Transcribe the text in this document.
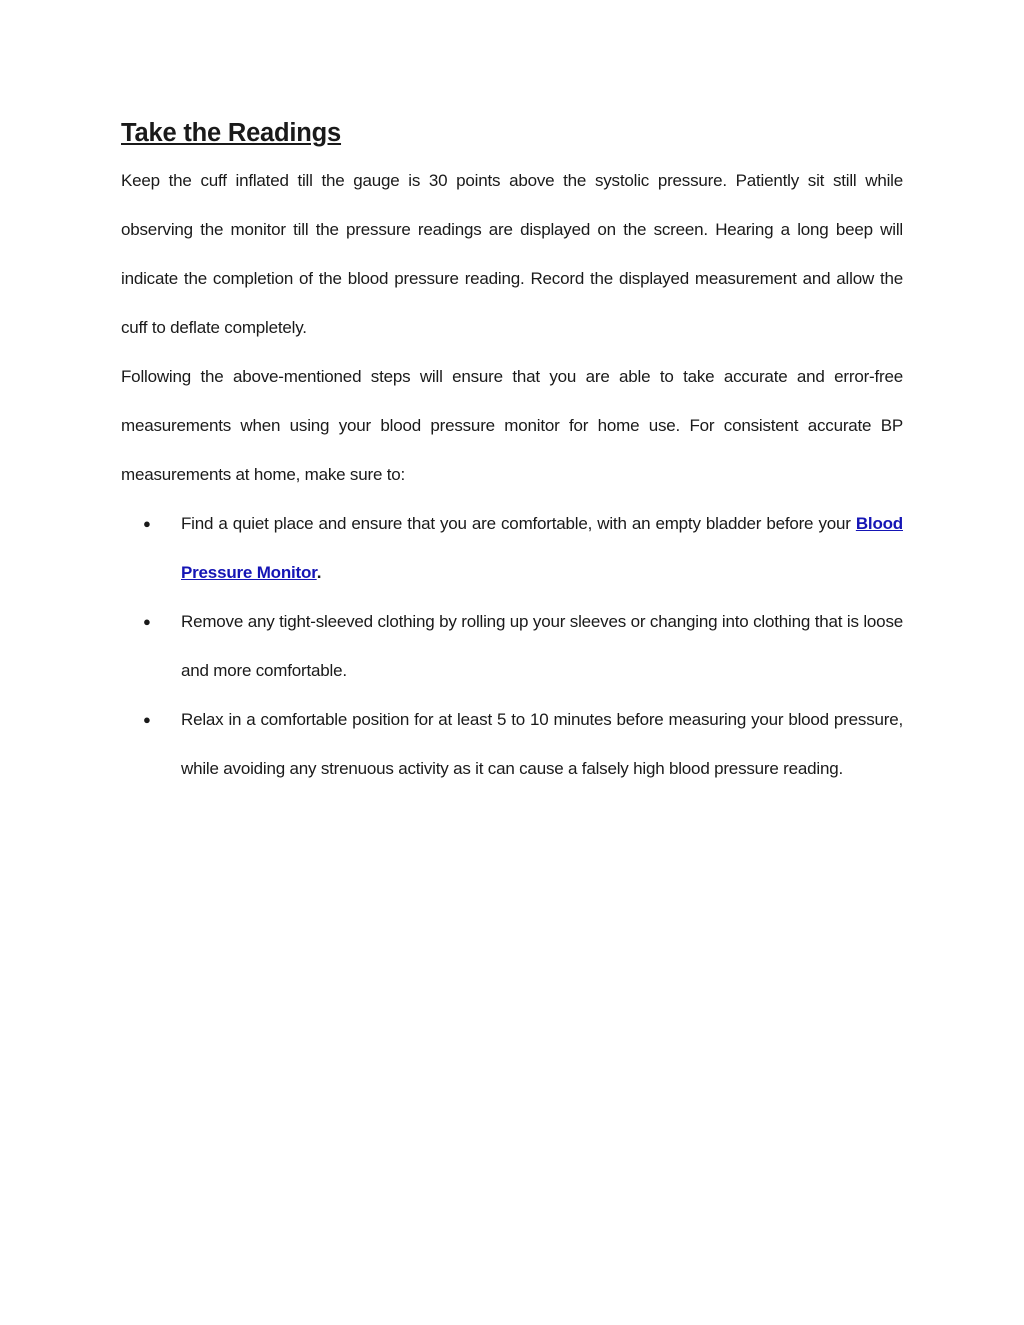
Take the Readings

Keep the cuff inflated till the gauge is 30 points above the systolic pressure. Patiently sit still while observing the monitor till the pressure readings are displayed on the screen. Hearing a long beep will indicate the completion of the blood pressure reading. Record the displayed measurement and allow the cuff to deflate completely.

Following the above-mentioned steps will ensure that you are able to take accurate and error-free measurements when using your blood pressure monitor for home use. For consistent accurate BP measurements at home, make sure to:

● Find a quiet place and ensure that you are comfortable, with an empty bladder before your Blood Pressure Monitor.
● Remove any tight-sleeved clothing by rolling up your sleeves or changing into clothing that is loose and more comfortable.
● Relax in a comfortable position for at least 5 to 10 minutes before measuring your blood pressure, while avoiding any strenuous activity as it can cause a falsely high blood pressure reading.
